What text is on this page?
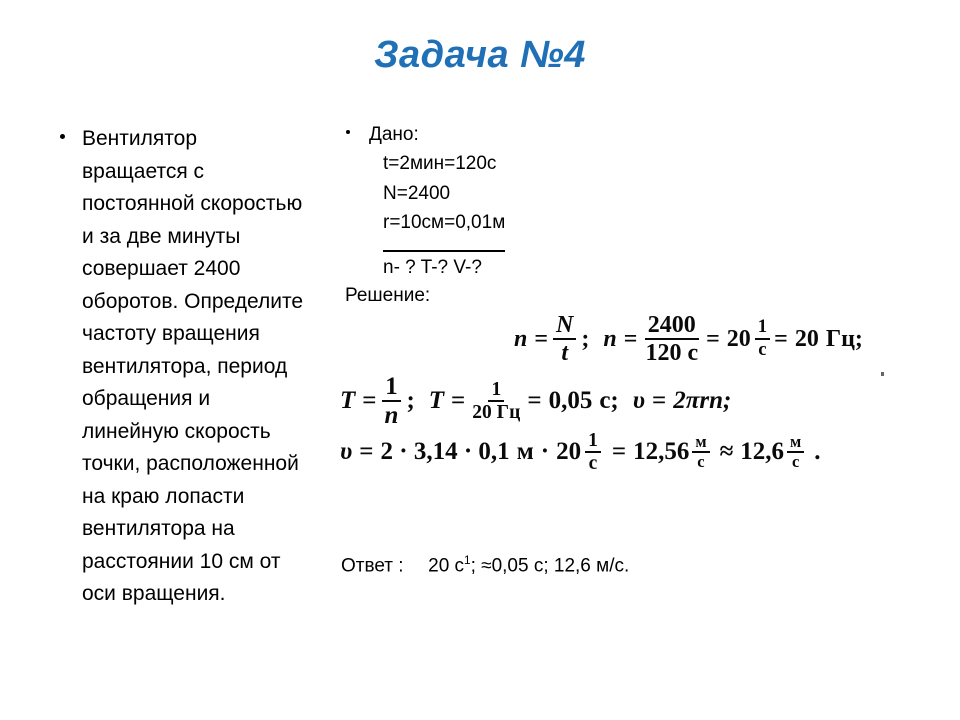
Задача №4
Вентилятор вращается с постоянной скоростью и за две минуты совершает 2400 оборотов. Определите частоту вращения вентилятора, период обращения и линейную скорость точки, расположенной на краю лопасти вентилятора на расстоянии 10 см от оси вращения.
Дано:
t=2мин=120с
N=2400
r=10см=0,01м
n- ? T-? V-?
Решение:
$n = \frac{N}{t}$ ; $n = \frac{2400}{120 с} = 20 \frac{1}{с} = 20$ Гц;
$T = \frac{1}{n}$ ; $T = \frac{1}{20 Гц} = 0,05$ с; υ = 2πrn;
υ = 2 · 3,14 · 0,1 $м \cdot 20 \frac{1}{с} = 12,56 \frac{м}{с} \approx 12,6 \frac{м}{с}$ .
Ответ : 20 $с^1$; ≈0,05 с; 12,6 м/с.
